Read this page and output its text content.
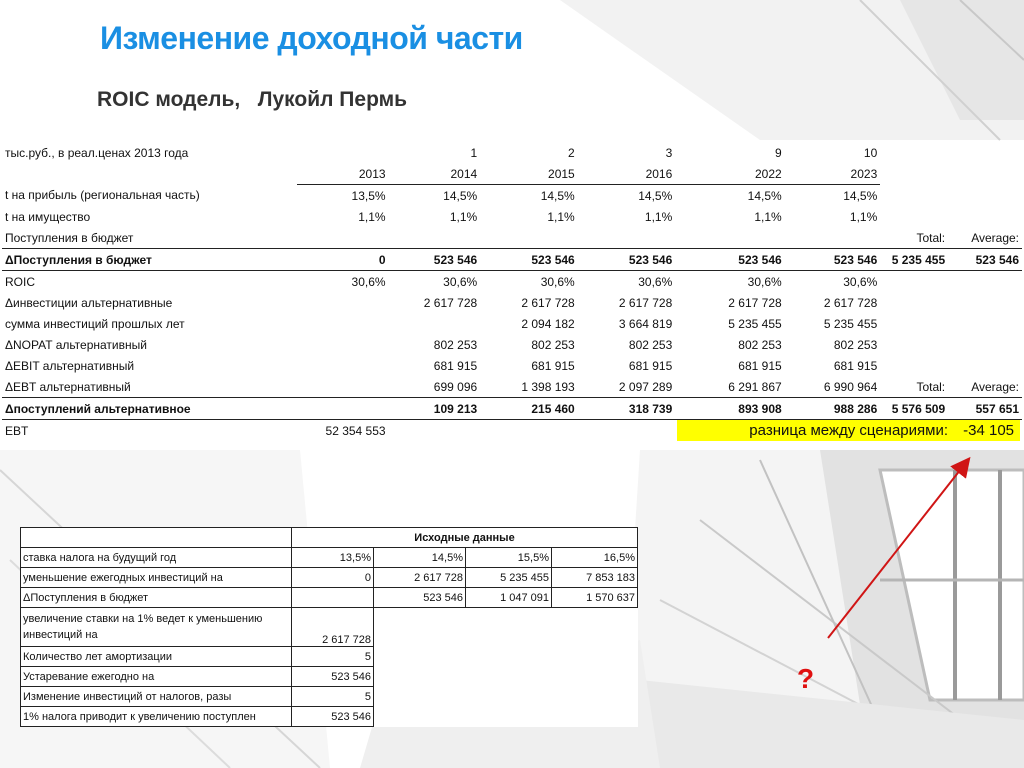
Изменение доходной части
ROIC модель,   Лукойл Пермь
тыс.руб., в реал.ценах 2013 года		1	2	3	9	10		
	2013	2014	2015	2016	2022	2023		
t на прибыль (региональная часть)	13,5%	14,5%	14,5%	14,5%	14,5%	14,5%		
t на имущество	1,1%	1,1%	1,1%	1,1%	1,1%	1,1%		
Поступления в бюджет							Total:	Average:
ΔПоступления в бюджет	0	523 546	523 546	523 546	523 546	523 546	5 235 455	523 546
ROIC	30,6%	30,6%	30,6%	30,6%	30,6%	30,6%		
Δинвестиции альтернативные		2 617 728	2 617 728	2 617 728	2 617 728	2 617 728		
сумма инвестиций прошлых лет			2 094 182	3 664 819	5 235 455	5 235 455		
ΔNOPAT альтернативный		802 253	802 253	802 253	802 253	802 253		
ΔEBIT альтернативный		681 915	681 915	681 915	681 915	681 915		
ΔEBT альтернативный		699 096	1 398 193	2 097 289	6 291 867	6 990 964	Total:	Average:
Δпоступлений альтернативное		109 213	215 460	318 739	893 908	988 286	5 576 509	557 651
EBT	52 354 553								разница между сценариями: -34 105
	Исходные данные			
ставка налога на будущий год	13,5%	14,5%	15,5%	16,5%
уменьшение ежегодных инвестиций на	0	2 617 728	5 235 455	7 853 183
ΔПоступления в бюджет		523 546	1 047 091	1 570 637
увеличение ставки на 1% ведет к уменьшению инвестиций на	2 617 728			
Количество лет амортизации	5			
Устаревание ежегодно на	523 546			
Изменение инвестиций от налогов, разы	5			
1% налога приводит к увеличению поступлен	523 546			
?
